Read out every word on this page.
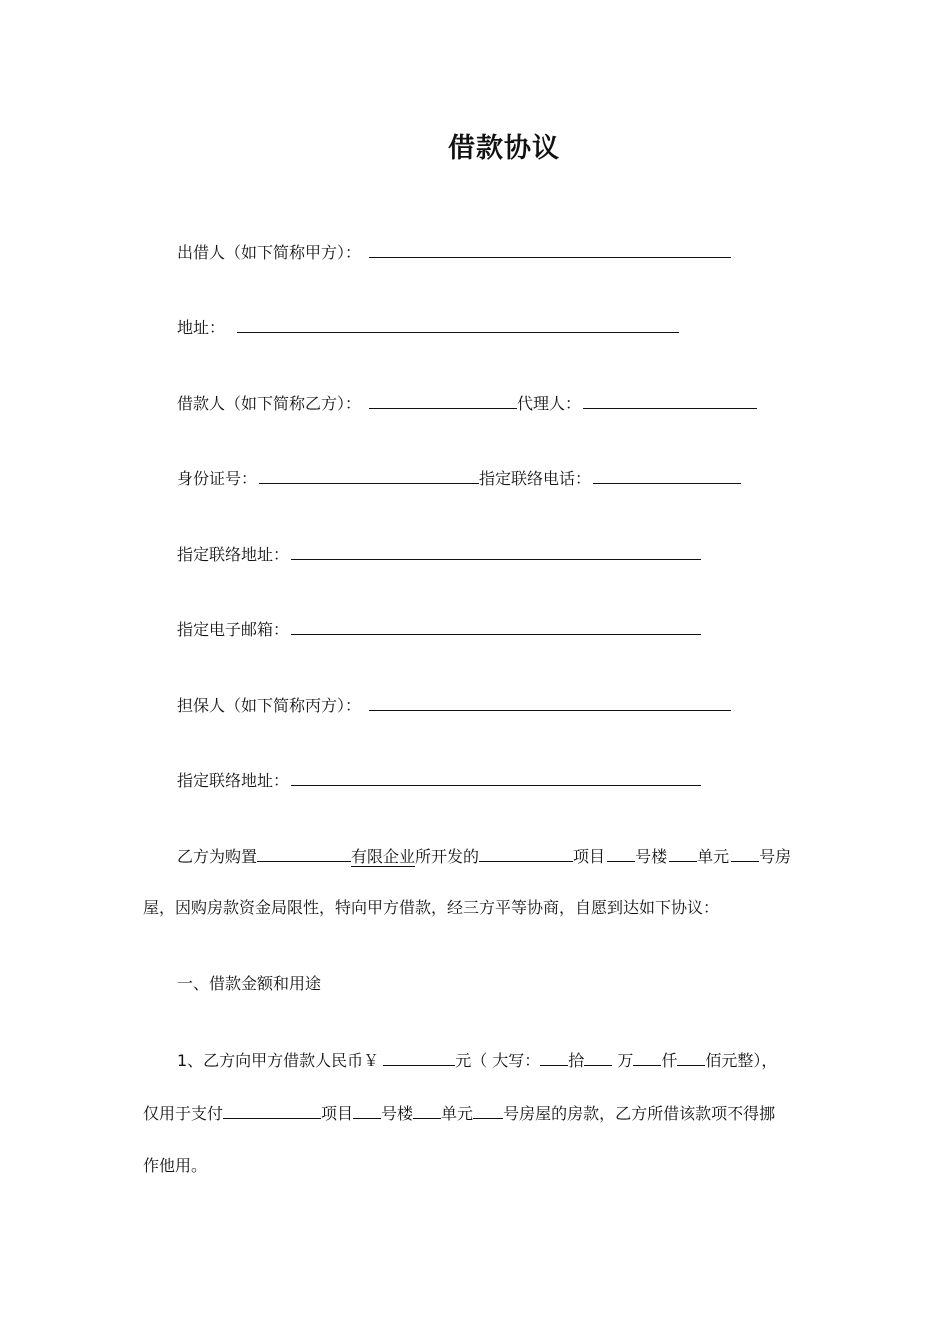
借款协议
出借人（如下简称甲方）：
地址：
借款人（如下简称乙方）：	代理人：
身份证号：	指定联络电话：
指定联络地址：
指定电子邮箱：
担保人（如下简称丙方）：
指定联络地址：
乙方为购置	有限企业所开发的	项目 号楼 单元 号房
屋，因购房款资金局限性，特向甲方借款，经三方平等协商，自愿到达如下协议：
一、借款金额和用途
1、乙方向甲方借款人民币￥	元（ 大写： 拾 万 仟 佰元整），
仅用于支付	项目 号楼 单元 号房屋的房款，乙方所借该款项不得挪
作他用。
